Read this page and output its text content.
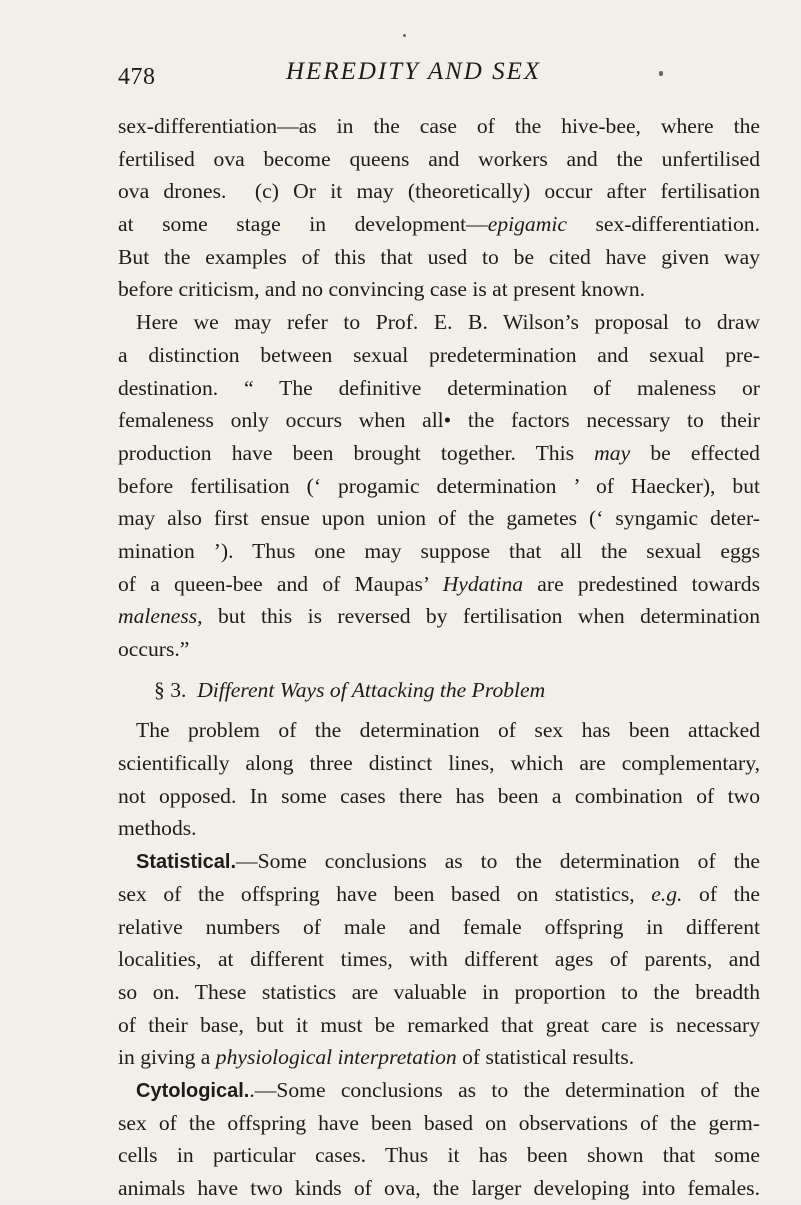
478	HEREDITY AND SEX
sex-differentiation—as in the case of the hive-bee, where the
fertilised ova become queens and workers and the unfertilised
ova drones. (c) Or it may (theoretically) occur after fertilisation
at some stage in development—epigamic sex-differentiation.
But the examples of this that used to be cited have given way
before criticism, and no convincing case is at present known.
Here we may refer to Prof. E. B. Wilson’s proposal to draw
a distinction between sexual predetermination and sexual pre-
destination. “ The definitive determination of maleness or
femaleness only occurs when all• the factors necessary to their
production have been brought together. This may be effected
before fertilisation (‘ progamic determination ’ of Haecker), but
may also first ensue upon union of the gametes (‘ syngamic deter-
mination ’). Thus one may suppose that all the sexual eggs
of a queen-bee and of Maupas’ Hydatina are predestined towards
maleness, but this is reversed by fertilisation when determination
occurs.”
§ 3. Different Ways of Attacking the Problem
The problem of the determination of sex has been attacked
scientifically along three distinct lines, which are complementary,
not opposed. In some cases there has been a combination of two
methods.
Statistical.—Some conclusions as to the determination of the
sex of the offspring have been based on statistics, e.g. of the
relative numbers of male and female offspring in different
localities, at different times, with different ages of parents, and
so on. These statistics are valuable in proportion to the breadth
of their base, but it must be remarked that great care is necessary
in giving a physiological interpretation of statistical results.
Cytological..—Some conclusions as to the determination of the
sex of the offspring have been based on observations of the germ-
cells in particular cases. Thus it has been shown that some
animals have two kinds of ova, the larger developing into females.
